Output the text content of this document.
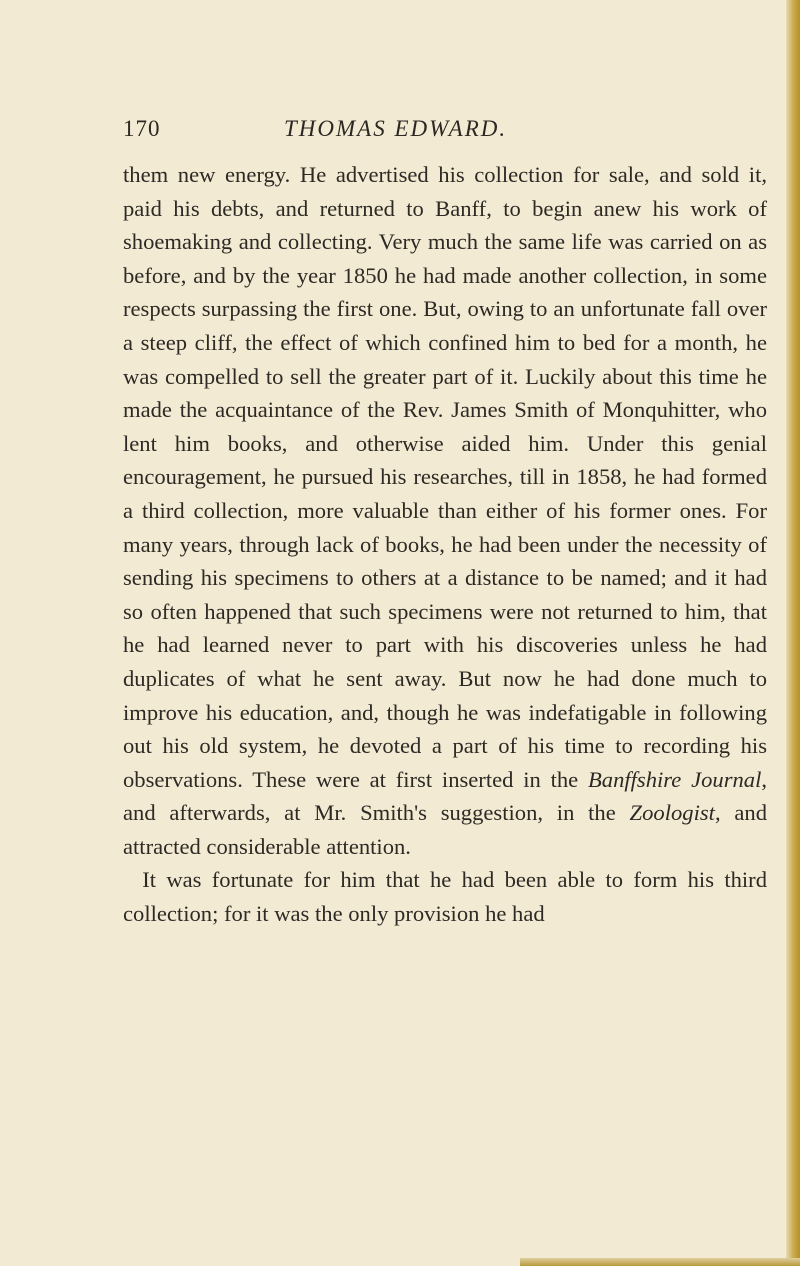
170	THOMAS EDWARD.

them new energy. He advertised his collection for sale, and sold it, paid his debts, and returned to Banff, to begin anew his work of shoemaking and collecting. Very much the same life was carried on as before, and by the year 1850 he had made another collection, in some respects surpassing the first one. But, owing to an unfortunate fall over a steep cliff, the effect of which confined him to bed for a month, he was compelled to sell the greater part of it. Luckily about this time he made the acquaintance of the Rev. James Smith of Monquhitter, who lent him books, and otherwise aided him. Under this genial encouragement, he pursued his researches, till in 1858, he had formed a third collection, more valuable than either of his former ones. For many years, through lack of books, he had been under the necessity of sending his specimens to others at a distance to be named; and it had so often happened that such specimens were not returned to him, that he had learned never to part with his discoveries unless he had duplicates of what he sent away. But now he had done much to improve his education, and, though he was indefatigable in following out his old system, he devoted a part of his time to recording his observations. These were at first inserted in the Banffshire Journal, and afterwards, at Mr. Smith's suggestion, in the Zoologist, and attracted considerable attention.

It was fortunate for him that he had been able to form his third collection; for it was the only provision he had
